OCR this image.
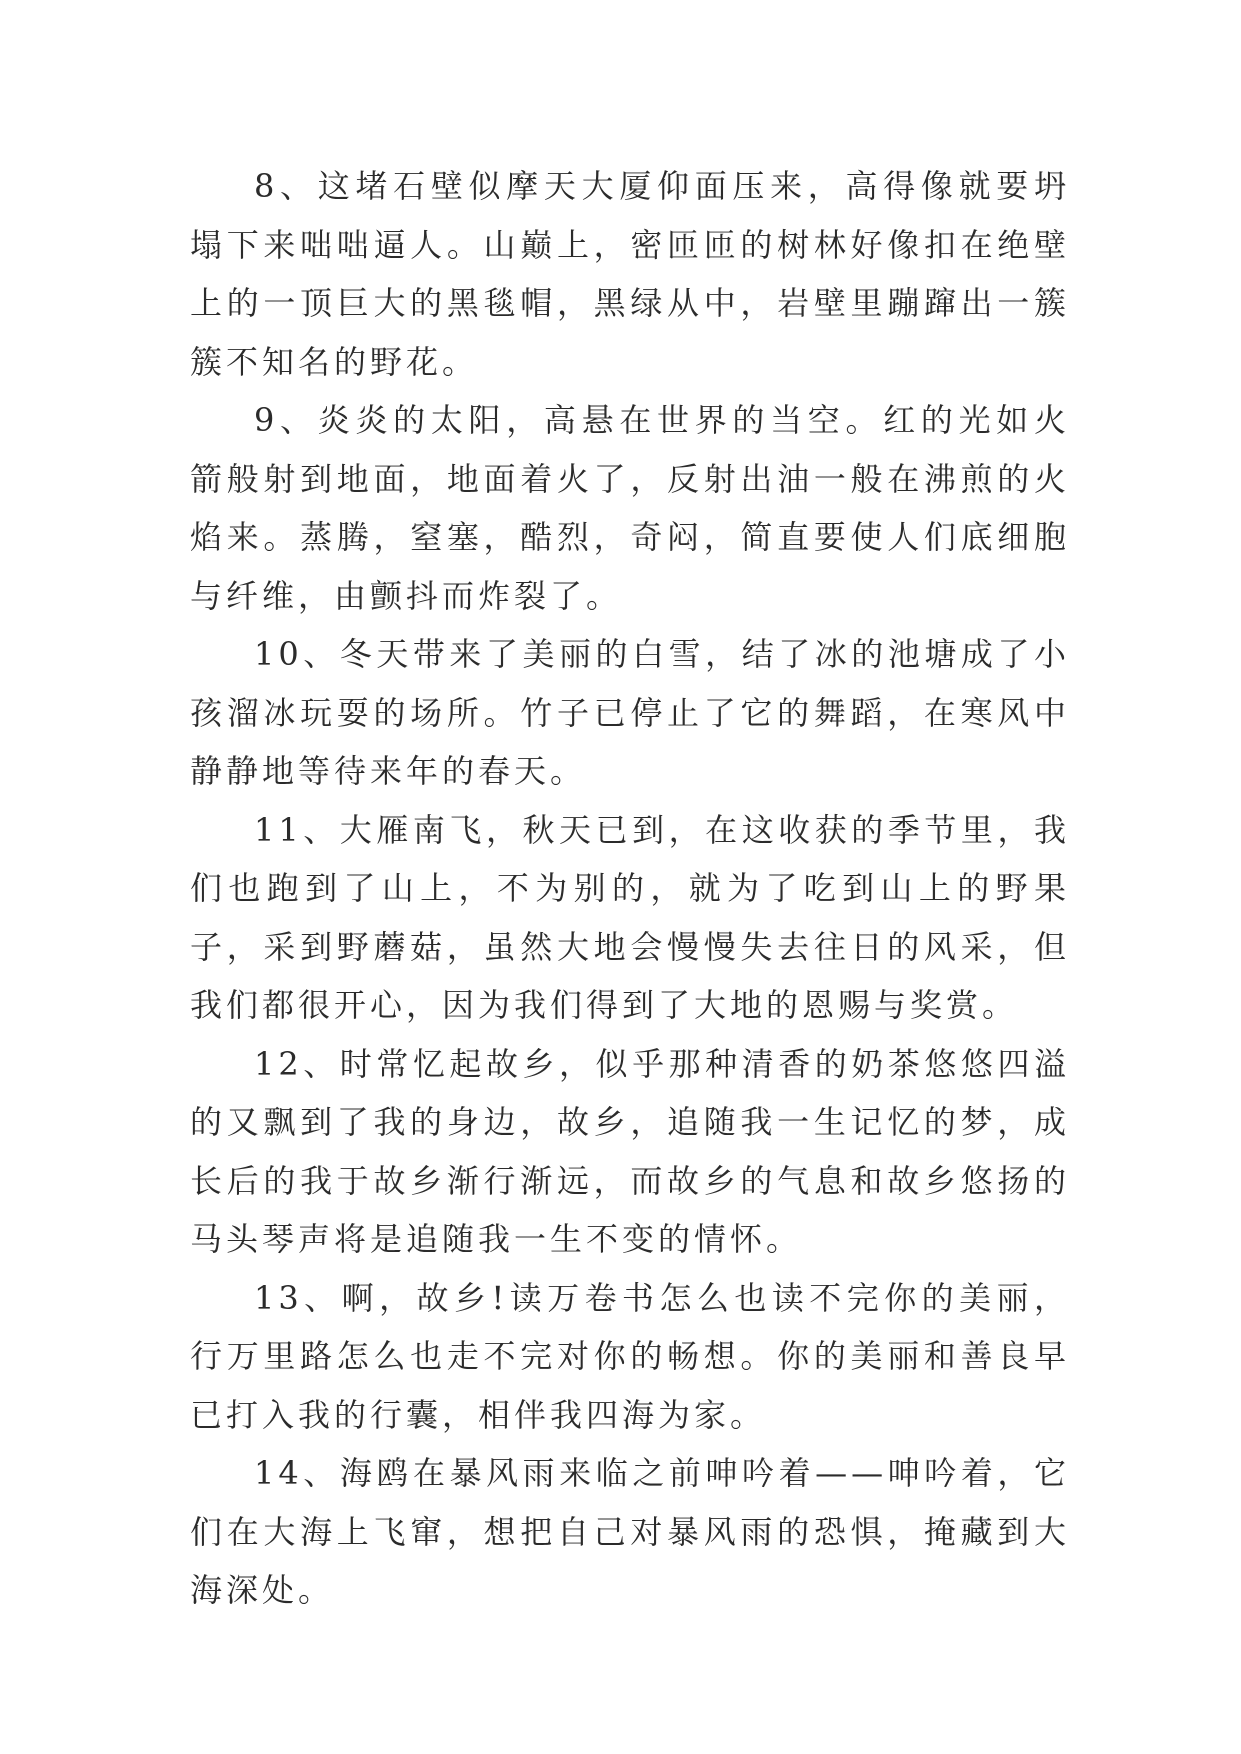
8、这堵石壁似摩天大厦仰面压来，高得像就要坍塌下来咄咄逼人。山巅上，密匝匝的树林好像扣在绝壁上的一顶巨大的黑毯帽，黑绿从中，岩壁里蹦蹿出一簇簇不知名的野花。

9、炎炎的太阳，高悬在世界的当空。红的光如火箭般射到地面，地面着火了，反射出油一般在沸煎的火焰来。蒸腾，窒塞，酷烈，奇闷，简直要使人们底细胞与纤维，由颤抖而炸裂了。

10、冬天带来了美丽的白雪，结了冰的池塘成了小孩溜冰玩耍的场所。竹子已停止了它的舞蹈，在寒风中静静地等待来年的春天。

11、大雁南飞，秋天已到，在这收获的季节里，我们也跑到了山上，不为别的，就为了吃到山上的野果子，采到野蘑菇，虽然大地会慢慢失去往日的风采，但我们都很开心，因为我们得到了大地的恩赐与奖赏。

12、时常忆起故乡，似乎那种清香的奶茶悠悠四溢的又飘到了我的身边，故乡，追随我一生记忆的梦，成长后的我于故乡渐行渐远，而故乡的气息和故乡悠扬的马头琴声将是追随我一生不变的情怀。

13、啊，故乡!读万卷书怎么也读不完你的美丽，行万里路怎么也走不完对你的畅想。你的美丽和善良早已打入我的行囊，相伴我四海为家。

14、海鸥在暴风雨来临之前呻吟着——呻吟着，它们在大海上飞窜，想把自己对暴风雨的恐惧，掩藏到大海深处。
